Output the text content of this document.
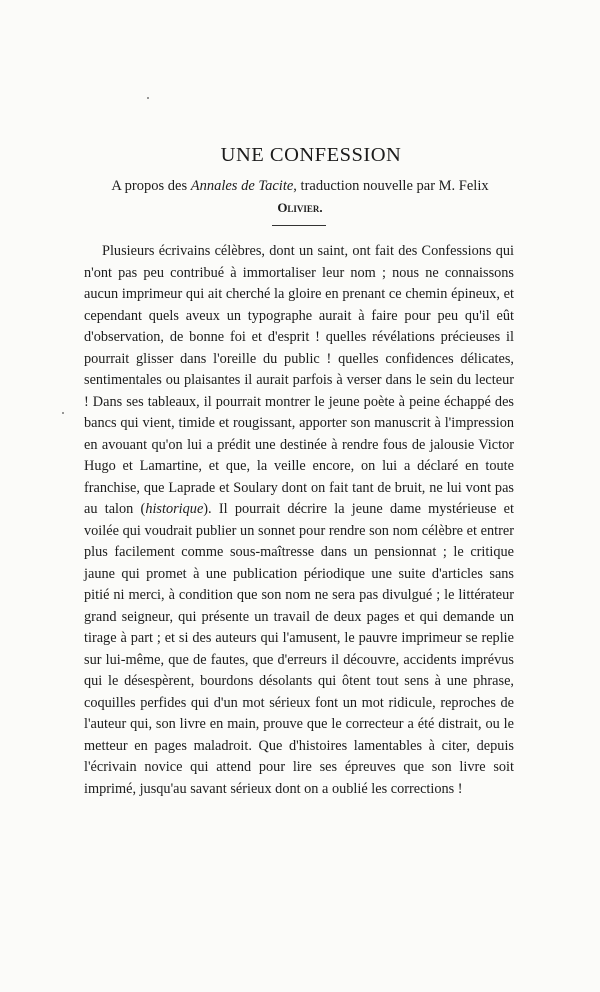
UNE CONFESSION
A propos des Annales de Tacite, traduction nouvelle par M. Felix
Olivier.
Plusieurs écrivains célèbres, dont un saint, ont fait des Confessions qui n'ont pas peu contribué à immortaliser leur nom ; nous ne connaissons aucun imprimeur qui ait cherché la gloire en prenant ce chemin épineux, et cependant quels aveux un typographe aurait à faire pour peu qu'il eût d'observation, de bonne foi et d'esprit ! quelles révélations précieuses il pourrait glisser dans l'oreille du public ! quelles confidences délicates, sentimentales ou plaisantes il aurait parfois à verser dans le sein du lecteur ! Dans ses tableaux, il pourrait montrer le jeune poète à peine échappé des bancs qui vient, timide et rougissant, apporter son manuscrit à l'impression en avouant qu'on lui a prédit une destinée à rendre fous de jalousie Victor Hugo et Lamartine, et que, la veille encore, on lui a déclaré en toute franchise, que Laprade et Soulary dont on fait tant de bruit, ne lui vont pas au talon (historique). Il pourrait décrire la jeune dame mystérieuse et voilée qui voudrait publier un sonnet pour rendre son nom célèbre et entrer plus facilement comme sous-maîtresse dans un pensionnat ; le critique jaune qui promet à une publication périodique une suite d'articles sans pitié ni merci, à condition que son nom ne sera pas divulgué ; le littérateur grand seigneur, qui présente un travail de deux pages et qui demande un tirage à part ; et si des auteurs qui l'amusent, le pauvre imprimeur se replie sur lui-même, que de fautes, que d'erreurs il découvre, accidents imprévus qui le désespèrent, bourdons désolants qui ôtent tout sens à une phrase, coquilles perfides qui d'un mot sérieux font un mot ridicule, reproches de l'auteur qui, son livre en main, prouve que le correcteur a été distrait, ou le metteur en pages maladroit. Que d'histoires lamentables à citer, depuis l'écrivain novice qui attend pour lire ses épreuves que son livre soit imprimé, jusqu'au savant sérieux dont on a oublié les corrections !
